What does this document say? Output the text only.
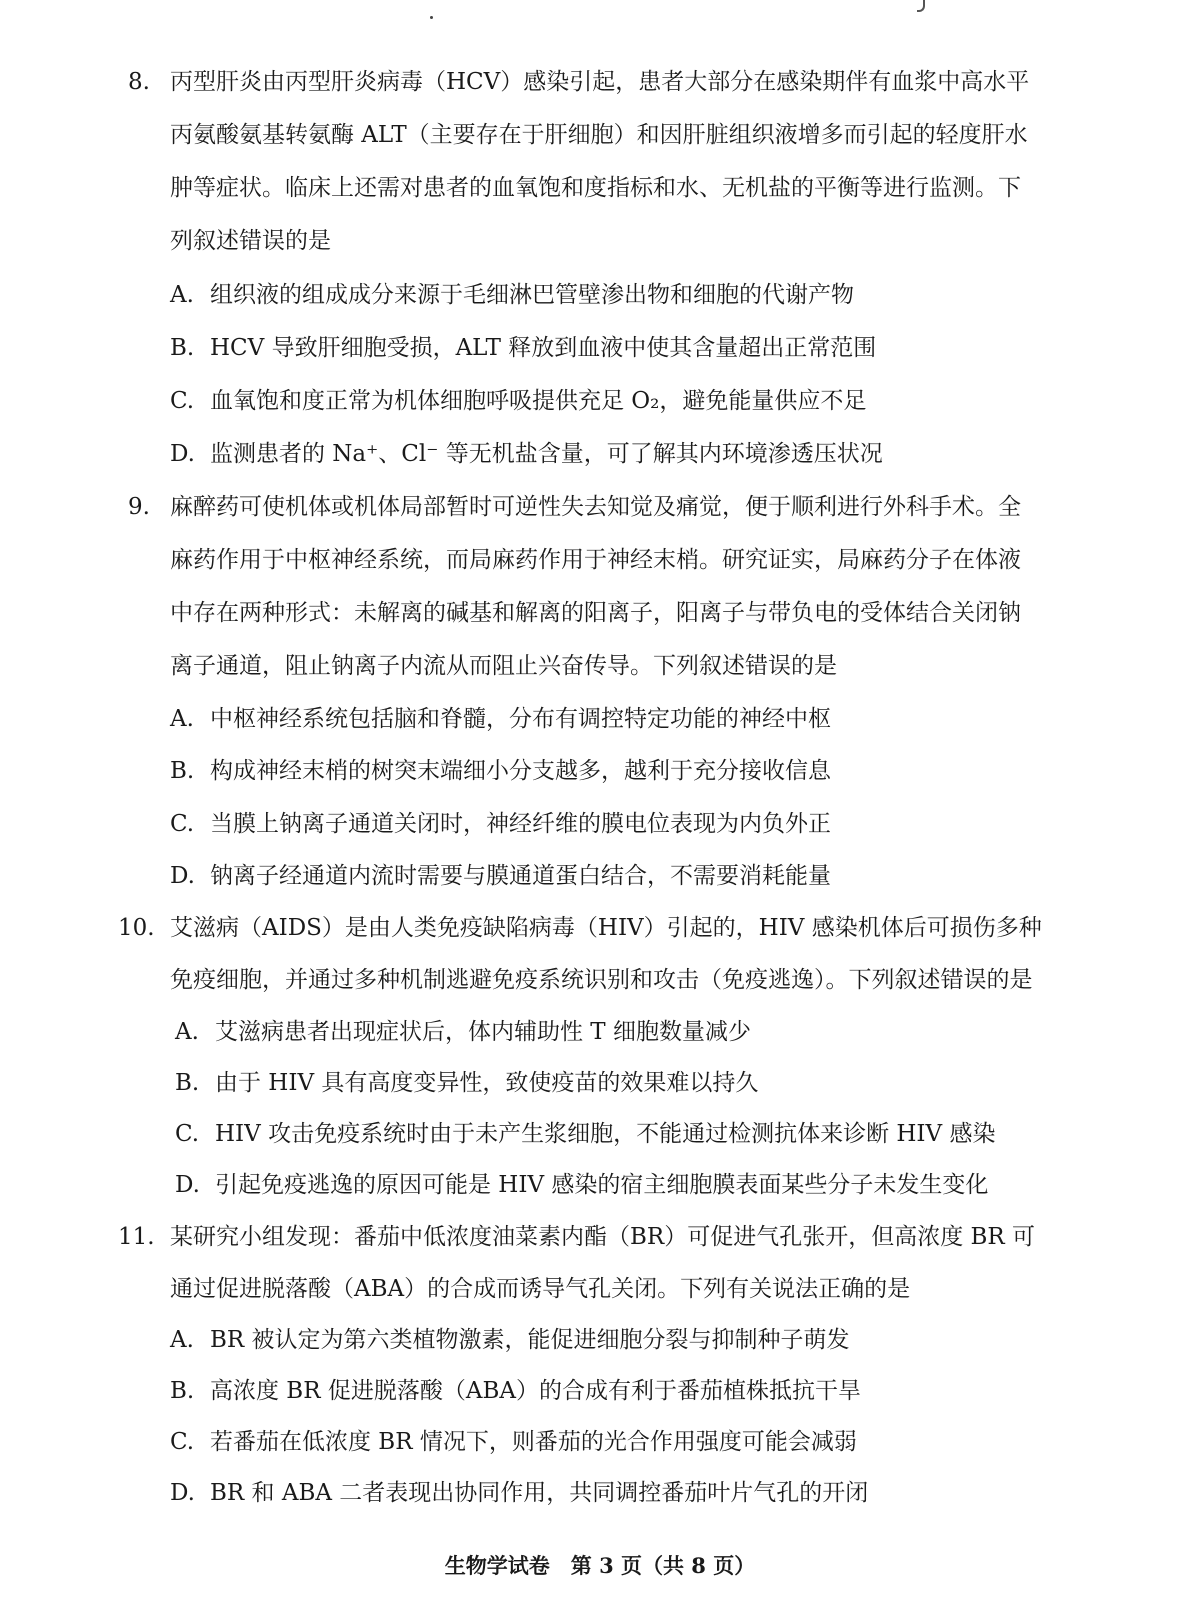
8. 丙型肝炎由丙型肝炎病毒（HCV）感染引起，患者大部分在感染期伴有血浆中高水平
丙氨酸氨基转氨酶 ALT（主要存在于肝细胞）和因肝脏组织液增多而引起的轻度肝水
肿等症状。临床上还需对患者的血氧饱和度指标和水、无机盐的平衡等进行监测。下
列叙述错误的是
A. 组织液的组成成分来源于毛细淋巴管壁渗出物和细胞的代谢产物
B. HCV 导致肝细胞受损，ALT 释放到血液中使其含量超出正常范围
C. 血氧饱和度正常为机体细胞呼吸提供充足 O₂，避免能量供应不足
D. 监测患者的 Na⁺、Cl⁻ 等无机盐含量，可了解其内环境渗透压状况
9. 麻醉药可使机体或机体局部暂时可逆性失去知觉及痛觉，便于顺利进行外科手术。全
麻药作用于中枢神经系统，而局麻药作用于神经末梢。研究证实，局麻药分子在体液
中存在两种形式：未解离的碱基和解离的阳离子，阳离子与带负电的受体结合关闭钠
离子通道，阻止钠离子内流从而阻止兴奋传导。下列叙述错误的是
A. 中枢神经系统包括脑和脊髓，分布有调控特定功能的神经中枢
B. 构成神经末梢的树突末端细小分支越多，越利于充分接收信息
C. 当膜上钠离子通道关闭时，神经纤维的膜电位表现为内负外正
D. 钠离子经通道内流时需要与膜通道蛋白结合，不需要消耗能量
10. 艾滋病（AIDS）是由人类免疫缺陷病毒（HIV）引起的，HIV 感染机体后可损伤多种
免疫细胞，并通过多种机制逃避免疫系统识别和攻击（免疫逃逸）。下列叙述错误的是
A. 艾滋病患者出现症状后，体内辅助性 T 细胞数量减少
B. 由于 HIV 具有高度变异性，致使疫苗的效果难以持久
C. HIV 攻击免疫系统时由于未产生浆细胞，不能通过检测抗体来诊断 HIV 感染
D. 引起免疫逃逸的原因可能是 HIV 感染的宿主细胞膜表面某些分子未发生变化
11. 某研究小组发现：番茄中低浓度油菜素内酯（BR）可促进气孔张开，但高浓度 BR 可
通过促进脱落酸（ABA）的合成而诱导气孔关闭。下列有关说法正确的是
A. BR 被认定为第六类植物激素，能促进细胞分裂与抑制种子萌发
B. 高浓度 BR 促进脱落酸（ABA）的合成有利于番茄植株抵抗干旱
C. 若番茄在低浓度 BR 情况下，则番茄的光合作用强度可能会减弱
D. BR 和 ABA 二者表现出协同作用，共同调控番茄叶片气孔的开闭
生物学试卷　第 3 页（共 8 页）
